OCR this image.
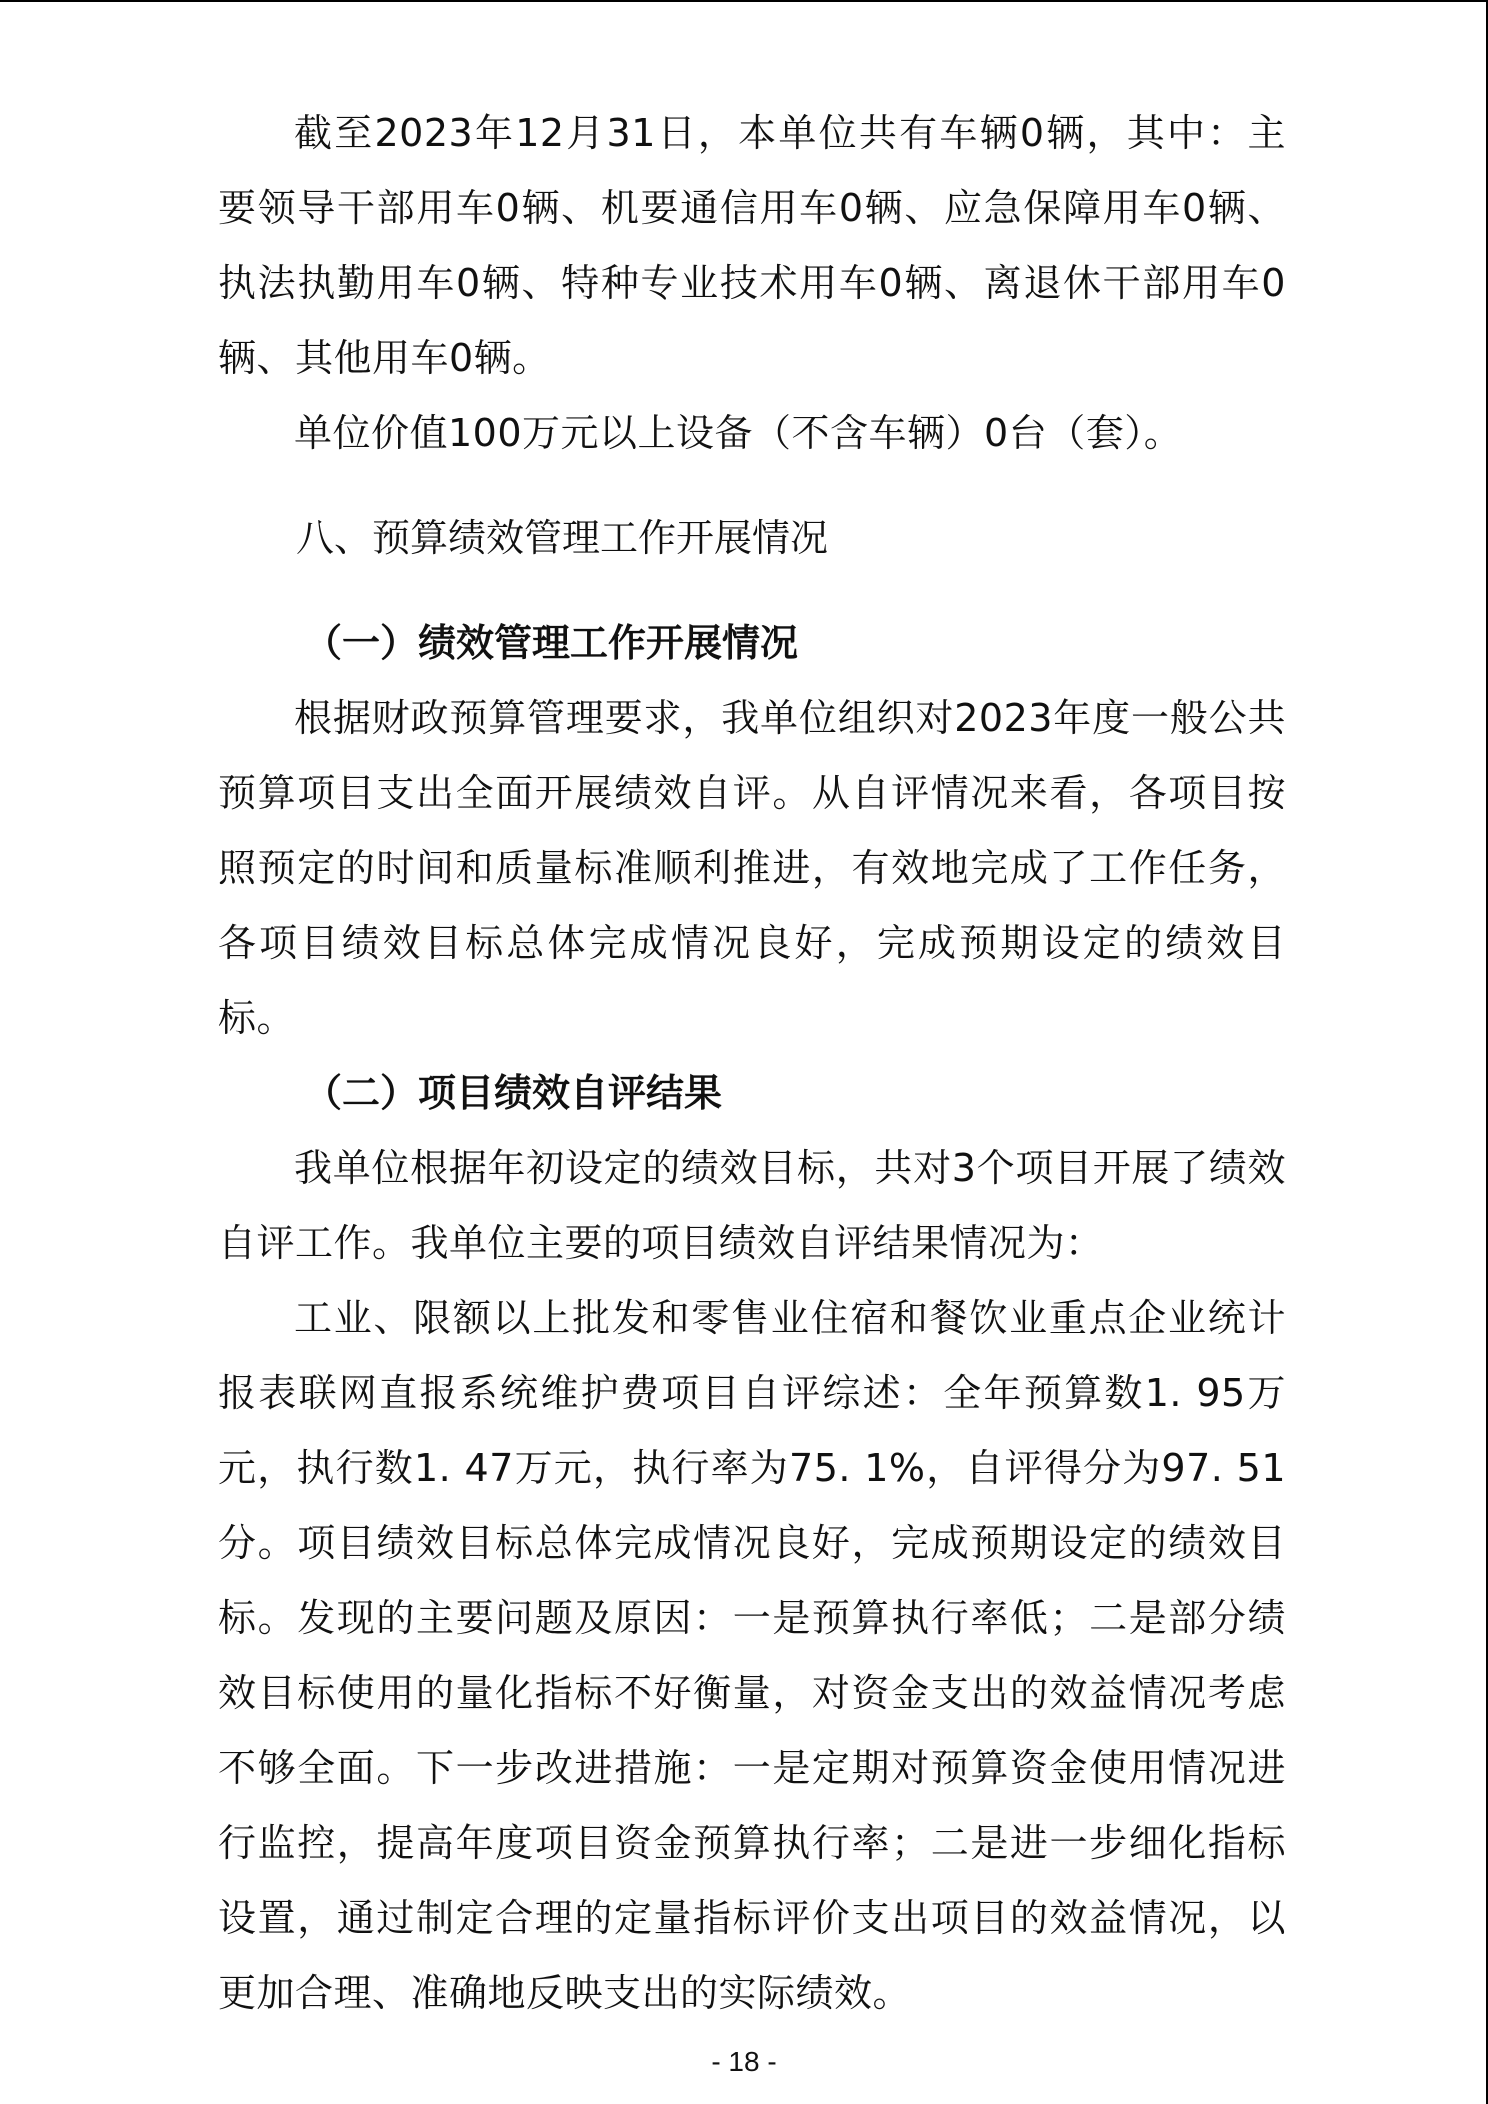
截至2023年12月31日，本单位共有车辆0辆，其中：主要领导干部用车0辆、机要通信用车0辆、应急保障用车0辆、执法执勤用车0辆、特种专业技术用车0辆、离退休干部用车0辆、其他用车0辆。

单位价值100万元以上设备（不含车辆）0台（套）。

八、预算绩效管理工作开展情况

（一）绩效管理工作开展情况

根据财政预算管理要求，我单位组织对2023年度一般公共预算项目支出全面开展绩效自评。从自评情况来看，各项目按照预定的时间和质量标准顺利推进，有效地完成了工作任务，各项目绩效目标总体完成情况良好，完成预期设定的绩效目标。

（二）项目绩效自评结果

我单位根据年初设定的绩效目标，共对3个项目开展了绩效自评工作。我单位主要的项目绩效自评结果情况为：

工业、限额以上批发和零售业住宿和餐饮业重点企业统计报表联网直报系统维护费项目自评综述：全年预算数1. 95万元，执行数1. 47万元，执行率为75. 1%，自评得分为97. 51分。项目绩效目标总体完成情况良好，完成预期设定的绩效目标。发现的主要问题及原因：一是预算执行率低；二是部分绩效目标使用的量化指标不好衡量，对资金支出的效益情况考虑不够全面。下一步改进措施：一是定期对预算资金使用情况进行监控，提高年度项目资金预算执行率；二是进一步细化指标设置，通过制定合理的定量指标评价支出项目的效益情况，以更加合理、准确地反映支出的实际绩效。

- 18 -
